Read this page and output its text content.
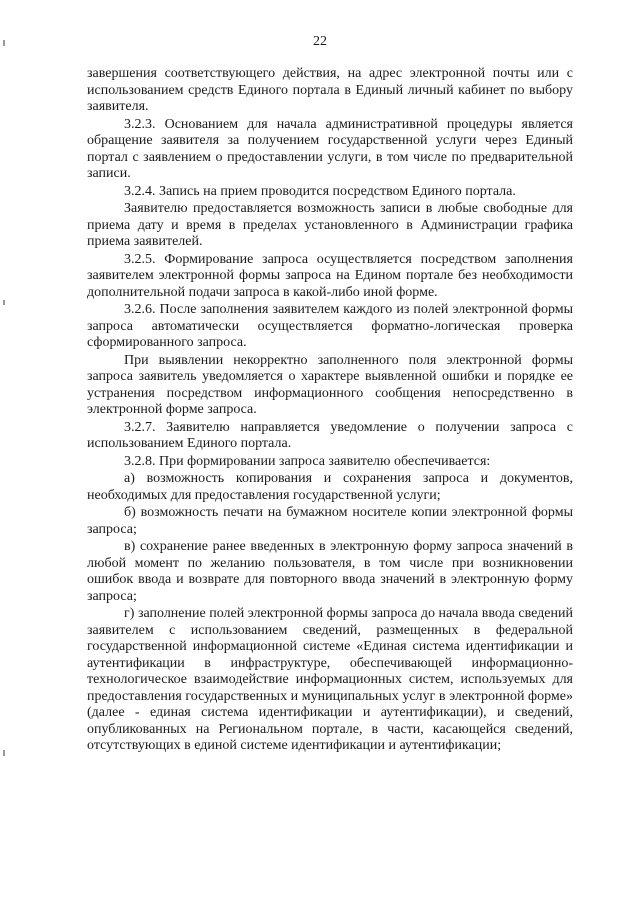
22

завершения соответствующего действия, на адрес электронной почты или с использованием средств Единого портала в Единый личный кабинет по выбору заявителя.

3.2.3. Основанием для начала административной процедуры является обращение заявителя за получением государственной услуги через Единый портал с заявлением о предоставлении услуги, в том числе по предварительной записи.

3.2.4. Запись на прием проводится посредством Единого портала.

Заявителю предоставляется возможность записи в любые свободные для приема дату и время в пределах установленного в Администрации графика приема заявителей.

3.2.5. Формирование запроса осуществляется посредством заполнения заявителем электронной формы запроса на Едином портале без необходимости дополнительной подачи запроса в какой-либо иной форме.

3.2.6. После заполнения заявителем каждого из полей электронной формы запроса автоматически осуществляется форматно-логическая проверка сформированного запроса.

При выявлении некорректно заполненного поля электронной формы запроса заявитель уведомляется о характере выявленной ошибки и порядке ее устранения посредством информационного сообщения непосредственно в электронной форме запроса.

3.2.7. Заявителю направляется уведомление о получении запроса с использованием Единого портала.

3.2.8. При формировании запроса заявителю обеспечивается:

а) возможность копирования и сохранения запроса и документов, необходимых для предоставления государственной услуги;

б) возможность печати на бумажном носителе копии электронной формы запроса;

в) сохранение ранее введенных в электронную форму запроса значений в любой момент по желанию пользователя, в том числе при возникновении ошибок ввода и возврате для повторного ввода значений в электронную форму запроса;

г) заполнение полей электронной формы запроса до начала ввода сведений заявителем с использованием сведений, размещенных в федеральной государственной информационной системе «Единая система идентификации и аутентификации в инфраструктуре, обеспечивающей информационно-технологическое взаимодействие информационных систем, используемых для предоставления государственных и муниципальных услуг в электронной форме» (далее - единая система идентификации и аутентификации), и сведений, опубликованных на Региональном портале, в части, касающейся сведений, отсутствующих в единой системе идентификации и аутентификации;
